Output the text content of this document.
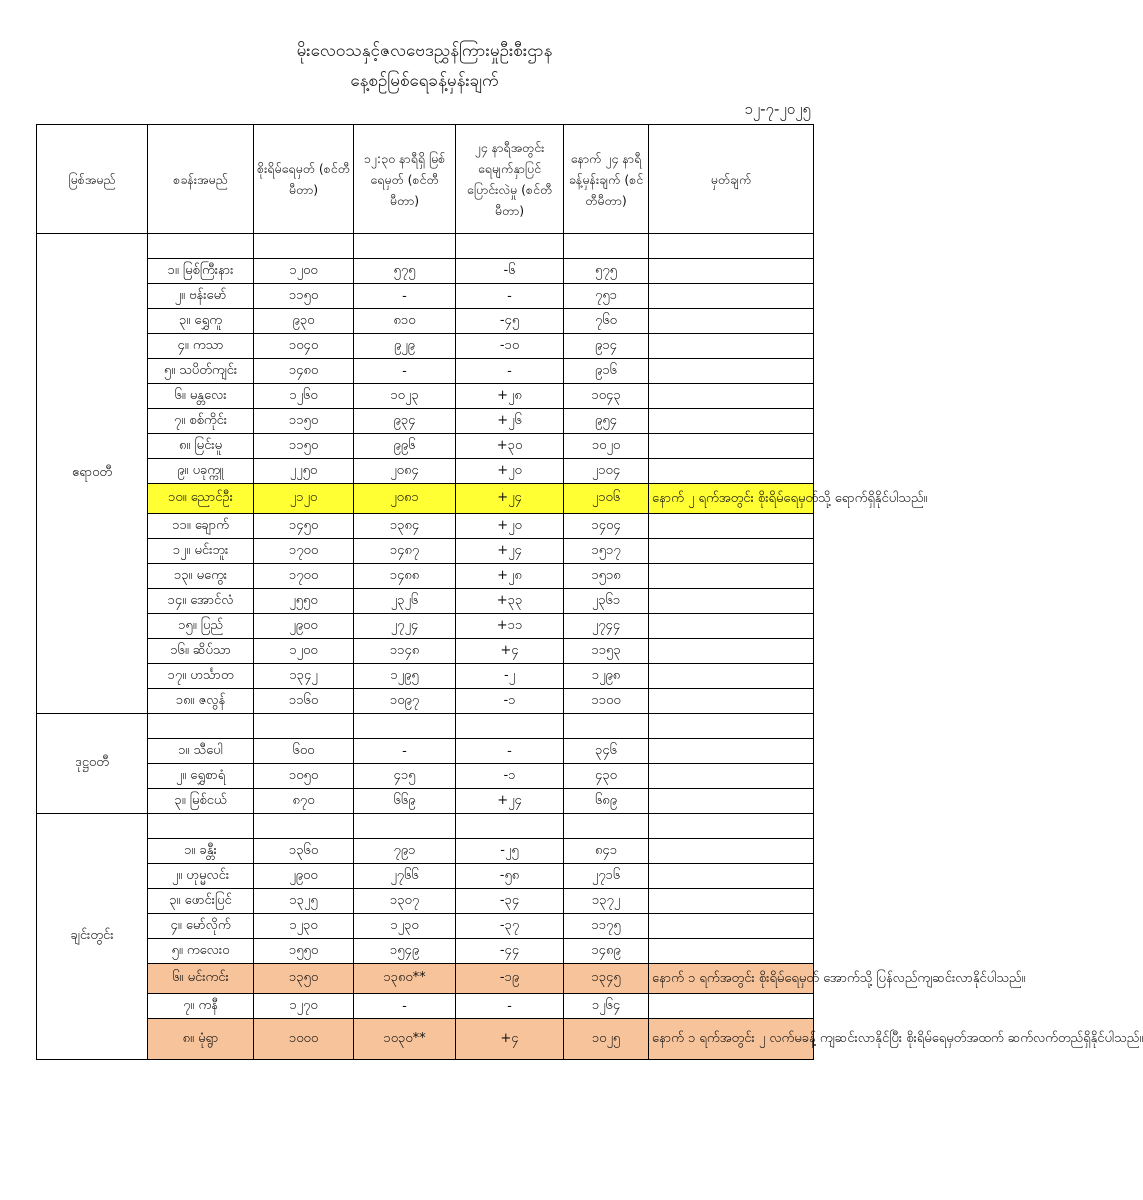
မိုးလေဝသနှင့်ဇလဗေဒညွှန်ကြားမှုဦးစီးဌာန
နေ့စဉ်မြစ်ရေခန့်မှန်းချက်
၁၂-၇-၂၀၂၅
မြစ်အမည်	စခန်းအမည်	စိုးရိမ်ရေမှတ် (စင်တီမီတာ)	၁၂:၃၀ နာရီရှိ မြစ်ရေမှတ် (စင်တီမီတာ)	၂၄ နာရီအတွင်း ရေမျက်နှာပြင် ပြောင်းလဲမှု (စင်တီမီတာ)	နောက် ၂၄ နာရီ ခန့်မှန်းချက် (စင်တီမီတာ)	မှတ်ချက်
ဧရာဝတီ						
	၁။ မြစ်ကြီးနား	၁၂၀၀	၅၇၅	-၆	၅၇၅	
	၂။ ဗန်းမော်	၁၁၅၀	-	-	၇၅၁	
	၃။ ရွှေကူ	၉၃၀	၈၁၀	-၄၅	၇၆၀	
	၄။ ကသာ	၁၀၄၀	၉၂၉	-၁၀	၉၁၄	
	၅။ သပိတ်ကျင်း	၁၄၈၀	-	-	၉၁၆	
	၆။ မန္တလေး	၁၂၆၀	၁၀၂၃	+၂၈	၁၀၄၃	
	၇။ စစ်ကိုင်း	၁၁၅၀	၉၃၄	+၂၆	၉၅၄	
	၈။ မြင်းမူ	၁၁၅၀	၉၉၆	+၃၀	၁၀၂၀	
	၉။ ပခုက္ကူ	၂၂၅၀	၂၀၈၄	+၂၀	၂၁၀၄	
	၁၀။ ညောင်ဦး	၂၁၂၀	၂၀၈၁	+၂၄	၂၁၀၆	နောက် ၂ ရက်အတွင်း စိုးရိမ်ရေမှတ်သို့ ရောက်ရှိနိုင်ပါသည်။
	၁၁။ ချောက်	၁၄၅၀	၁၃၈၄	+၂၀	၁၄၀၄	
	၁၂။ မင်းဘူး	၁၇၀၀	၁၄၈၇	+၂၄	၁၅၁၇	
	၁၃။ မကွေး	၁၇၀၀	၁၄၈၈	+၂၈	၁၅၁၈	
	၁၄။ အောင်လံ	၂၅၅၀	၂၃၂၆	+၃၃	၂၃၆၁	
	၁၅။ ပြည်	၂၉၀၀	၂၇၂၄	+၁၁	၂၇၄၄	
	၁၆။ ဆိပ်သာ	၁၂၀၀	၁၁၄၈	+၄	၁၁၅၃	
	၁၇။ ဟင်္သာတ	၁၃၄၂	၁၂၉၅	-၂	၁၂၉၈	
	၁၈။ ဇလွန်	၁၁၆၀	၁၀၉၇	-၁	၁၁၀၀	
ဒုဋ္ဌဝတီ						
	၁။ သီပေါ	၆၀၀	-	-	၃၄၆	
	၂။ ရွှေစာရံ	၁၀၅၀	၄၁၅	-၁	၄၃၀	
	၃။ မြစ်ငယ်	၈၇၀	၆၆၉	+၂၄	၆၈၉	
ချင်းတွင်း						
	၁။ ခန္တီး	၁၃၆၀	၇၉၁	-၂၅	၈၄၁	
	၂။ ဟုမ္မလင်း	၂၉၀၀	၂၇၆၆	-၅၈	၂၇၁၆	
	၃။ ဖောင်းပြင်	၁၃၂၅	၁၃၀၇	-၃၄	၁၃၇၂	
	၄။ မော်လိုက်	၁၂၃၀	၁၂၃၀	-၃၇	၁၁၇၅	
	၅။ ကလေးဝ	၁၅၅၀	၁၅၄၉	-၄၄	၁၄၈၉	
	၆။ မင်းကင်း	၁၃၅၀	၁၃၈၀**	-၁၉	၁၃၄၅	နောက် ၁ ရက်အတွင်း စိုးရိမ်ရေမှတ် အောက်သို့ ပြန်လည်ကျဆင်းလာနိုင်ပါသည်။
	၇။ ကနီ	၁၂၇၀	-	-	၁၂၆၄	
	၈။ မုံရွာ	၁၀၀၀	၁၀၃၀**	+၄	၁၀၂၅	နောက် ၁ ရက်အတွင်း ၂ လက်မခန့် ကျဆင်းလာနိုင်ပြီး စိုးရိမ်ရေမှတ်အထက် ဆက်လက်တည်ရှိနိုင်ပါသည်။
